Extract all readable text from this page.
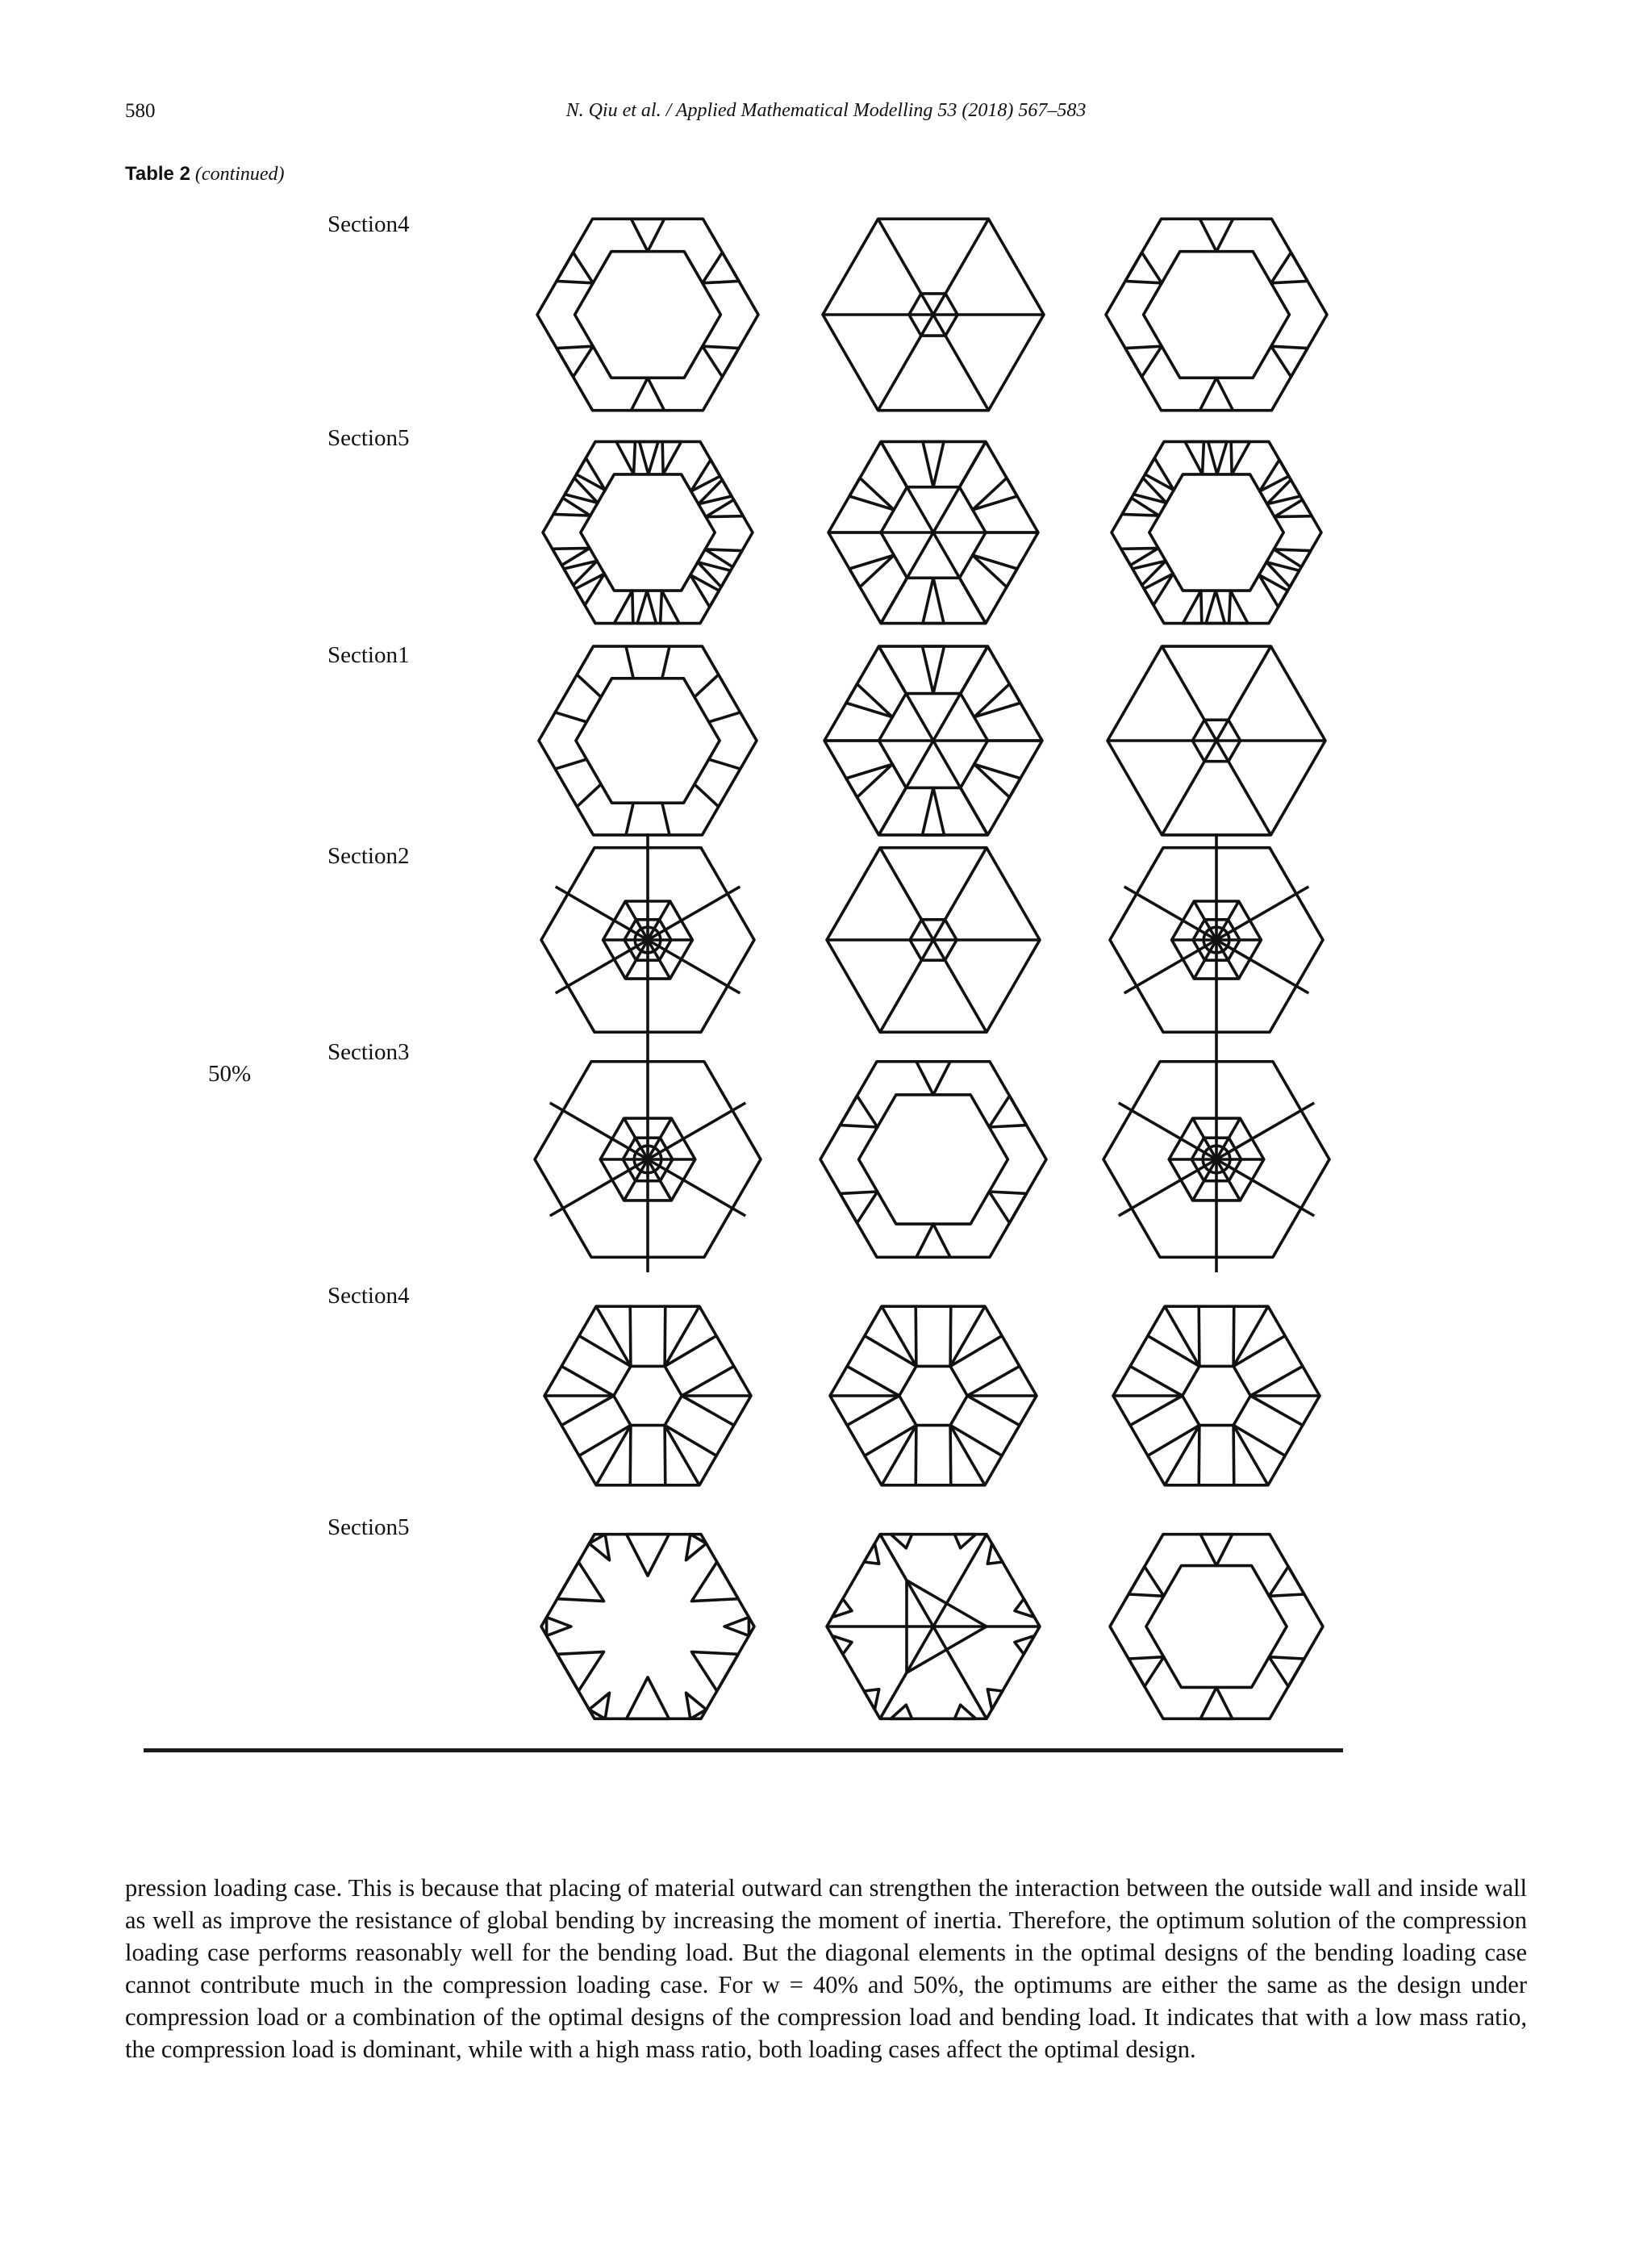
580	N. Qiu et al. / Applied Mathematical Modelling 53 (2018) 567–583
Table 2 (continued)
Section4
Section5
Section1
Section2
Section3
Section4
Section5
50%
pression loading case. This is because that placing of material outward can strengthen the interaction between the outside wall and inside wall as well as improve the resistance of global bending by increasing the moment of inertia. Therefore, the optimum solution of the compression loading case performs reasonably well for the bending load. But the diagonal elements in the optimal designs of the bending loading case cannot contribute much in the compression loading case. For w = 40% and 50%, the optimums are either the same as the design under compression load or a combination of the optimal designs of the compression load and bending load. It indicates that with a low mass ratio, the compression load is dominant, while with a high mass ratio, both loading cases affect the optimal design.
